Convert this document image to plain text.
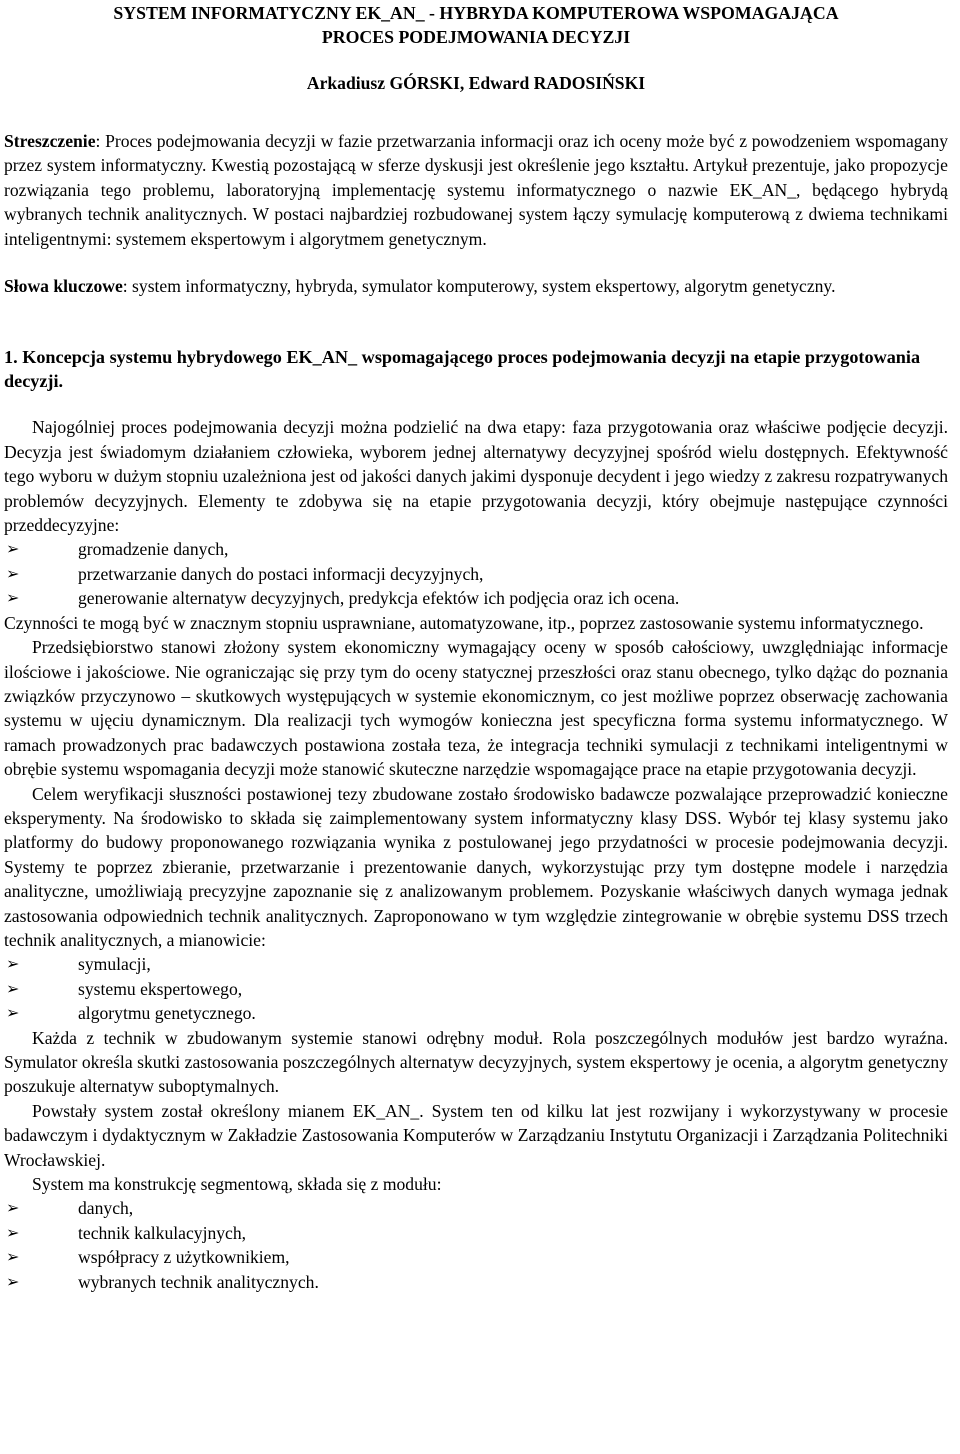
SYSTEM INFORMATYCZNY EK_AN_ - HYBRYDA KOMPUTEROWA WSPOMAGAJĄCA
PROCES PODEJMOWANIA DECYZJI
Arkadiusz GÓRSKI, Edward RADOSIŃSKI
Streszczenie: Proces podejmowania decyzji w fazie przetwarzania informacji oraz ich oceny może być z powodzeniem wspomagany przez system informatyczny. Kwestią pozostającą w sferze dyskusji jest określenie jego kształtu. Artykuł prezentuje, jako propozycje rozwiązania tego problemu, laboratoryjną implementację systemu informatycznego o nazwie EK_AN_, będącego hybrydą wybranych technik analitycznych. W postaci najbardziej rozbudowanej system łączy symulację komputerową z dwiema technikami inteligentnymi: systemem ekspertowym i algorytmem genetycznym.
Słowa kluczowe: system informatyczny, hybryda, symulator komputerowy, system ekspertowy, algorytm genetyczny.
1. Koncepcja systemu hybrydowego EK_AN_ wspomagającego proces podejmowania decyzji na etapie przygotowania decyzji.

Najogólniej proces podejmowania decyzji można podzielić na dwa etapy: faza przygotowania oraz właściwe podjęcie decyzji. Decyzja jest świadomym działaniem człowieka, wyborem jednej alternatywy decyzyjnej spośród wielu dostępnych. Efektywność tego wyboru w dużym stopniu uzależniona jest od jakości danych jakimi dysponuje decydent i jego wiedzy z zakresu rozpatrywanych problemów decyzyjnych. Elementy te zdobywa się na etapie przygotowania decyzji, który obejmuje następujące czynności przeddecyzyjne:

➢	gromadzenie danych,
➢	przetwarzanie danych do postaci informacji decyzyjnych,
➢	generowanie alternatyw decyzyjnych, predykcja efektów ich podjęcia oraz ich ocena.

Czynności te mogą być w znacznym stopniu usprawniane, automatyzowane, itp., poprzez zastosowanie systemu informatycznego.

Przedsiębiorstwo stanowi złożony system ekonomiczny wymagający oceny w sposób całościowy, uwzględniając informacje ilościowe i jakościowe. Nie ograniczając się przy tym do oceny statycznej przeszłości oraz stanu obecnego, tylko dążąc do poznania związków przyczynowo – skutkowych występujących w systemie ekonomicznym, co jest możliwe poprzez obserwację zachowania systemu w ujęciu dynamicznym. Dla realizacji tych wymogów konieczna jest specyficzna forma systemu informatycznego. W ramach prowadzonych prac badawczych postawiona została teza, że integracja techniki symulacji z technikami inteligentnymi w obrębie systemu wspomagania decyzji może stanowić skuteczne narzędzie wspomagające prace na etapie przygotowania decyzji.

Celem weryfikacji słuszności postawionej tezy zbudowane zostało środowisko badawcze pozwalające przeprowadzić konieczne eksperymenty. Na środowisko to składa się zaimplementowany system informatyczny klasy DSS. Wybór tej klasy systemu jako platformy do budowy proponowanego rozwiązania wynika z postulowanej jego przydatności w procesie podejmowania decyzji. Systemy te poprzez zbieranie, przetwarzanie i prezentowanie danych, wykorzystując przy tym dostępne modele i narzędzia analityczne, umożliwiają precyzyjne zapoznanie się z analizowanym problemem. Pozyskanie właściwych danych wymaga jednak zastosowania odpowiednich technik analitycznych. Zaproponowano w tym względzie zintegrowanie w obrębie systemu DSS trzech technik analitycznych, a mianowicie:

➢	symulacji,
➢	systemu ekspertowego,
➢	algorytmu genetycznego.

Każda z technik w zbudowanym systemie stanowi odrębny moduł. Rola poszczególnych modułów jest bardzo wyraźna. Symulator określa skutki zastosowania poszczególnych alternatyw decyzyjnych, system ekspertowy je ocenia, a algorytm genetyczny poszukuje alternatyw suboptymalnych.

Powstały system został określony mianem EK_AN_. System ten od kilku lat jest rozwijany i wykorzystywany w procesie badawczym i dydaktycznym w Zakładzie Zastosowania Komputerów w Zarządzaniu Instytutu Organizacji i Zarządzania Politechniki Wrocławskiej.

System ma konstrukcję segmentową, składa się z modułu:

➢	danych,
➢	technik kalkulacyjnych,
➢	współpracy z użytkownikiem,
➢	wybranych technik analitycznych.
